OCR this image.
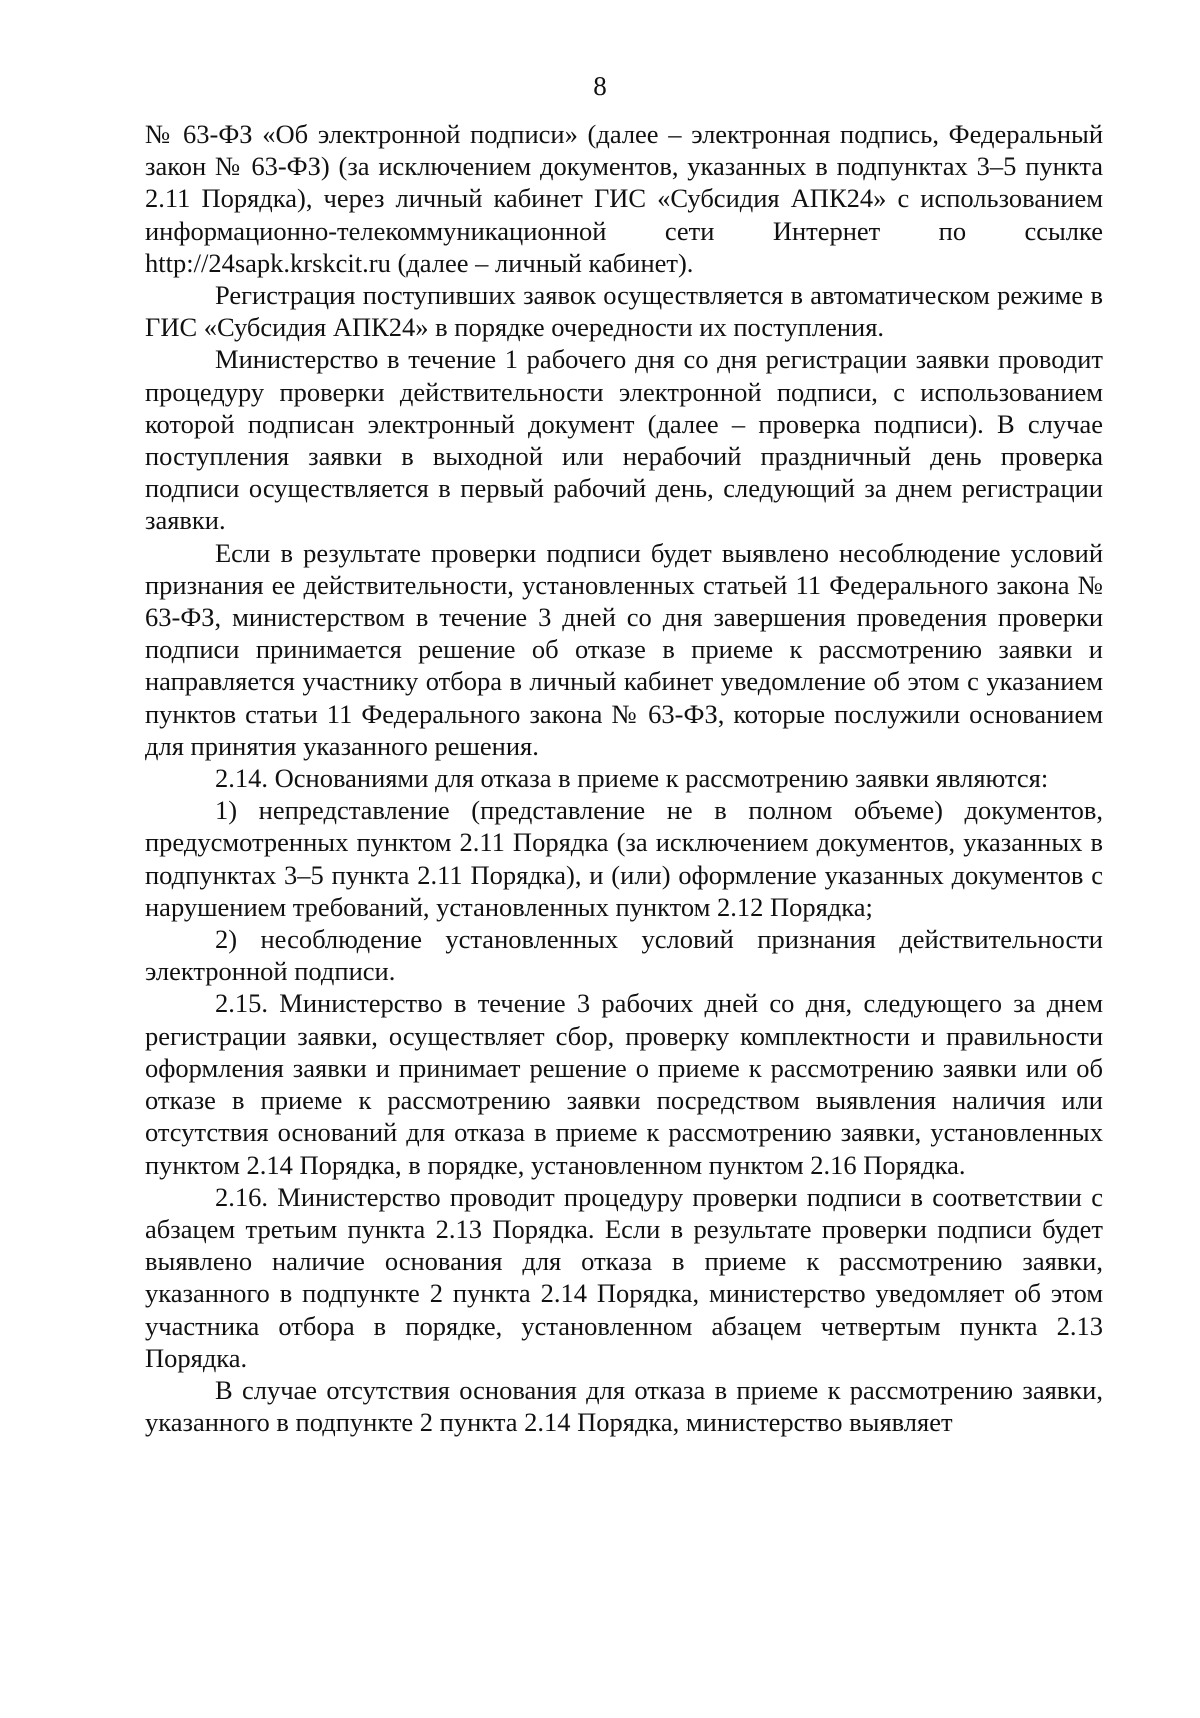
8

№ 63-ФЗ «Об электронной подписи» (далее – электронная подпись, Федеральный закон № 63-ФЗ) (за исключением документов, указанных в подпунктах 3–5 пункта 2.11 Порядка), через личный кабинет ГИС «Субсидия АПК24» с использованием информационно-телекоммуникационной сети Интернет по ссылке http://24sapk.krskcit.ru (далее – личный кабинет).

Регистрация поступивших заявок осуществляется в автоматическом режиме в ГИС «Субсидия АПК24» в порядке очередности их поступления.

Министерство в течение 1 рабочего дня со дня регистрации заявки проводит процедуру проверки действительности электронной подписи, с использованием которой подписан электронный документ (далее – проверка подписи). В случае поступления заявки в выходной или нерабочий праздничный день проверка подписи осуществляется в первый рабочий день, следующий за днем регистрации заявки.

Если в результате проверки подписи будет выявлено несоблюдение условий признания ее действительности, установленных статьей 11 Федерального закона № 63-ФЗ, министерством в течение 3 дней со дня завершения проведения проверки подписи принимается решение об отказе в приеме к рассмотрению заявки и направляется участнику отбора в личный кабинет уведомление об этом с указанием пунктов статьи 11 Федерального закона № 63-ФЗ, которые послужили основанием для принятия указанного решения.

2.14. Основаниями для отказа в приеме к рассмотрению заявки являются:

1) непредставление (представление не в полном объеме) документов, предусмотренных пунктом 2.11 Порядка (за исключением документов, указанных в подпунктах 3–5 пункта 2.11 Порядка), и (или) оформление указанных документов с нарушением требований, установленных пунктом 2.12 Порядка;

2) несоблюдение установленных условий признания действительности электронной подписи.

2.15. Министерство в течение 3 рабочих дней со дня, следующего за днем регистрации заявки, осуществляет сбор, проверку комплектности и правильности оформления заявки и принимает решение о приеме к рассмотрению заявки или об отказе в приеме к рассмотрению заявки посредством выявления наличия или отсутствия оснований для отказа в приеме к рассмотрению заявки, установленных пунктом 2.14 Порядка, в порядке, установленном пунктом 2.16 Порядка.

2.16. Министерство проводит процедуру проверки подписи в соответствии с абзацем третьим пункта 2.13 Порядка. Если в результате проверки подписи будет выявлено наличие основания для отказа в приеме к рассмотрению заявки, указанного в подпункте 2 пункта 2.14 Порядка, министерство уведомляет об этом участника отбора в порядке, установленном абзацем четвертым пункта 2.13 Порядка.

В случае отсутствия основания для отказа в приеме к рассмотрению заявки, указанного в подпункте 2 пункта 2.14 Порядка, министерство выявляет
